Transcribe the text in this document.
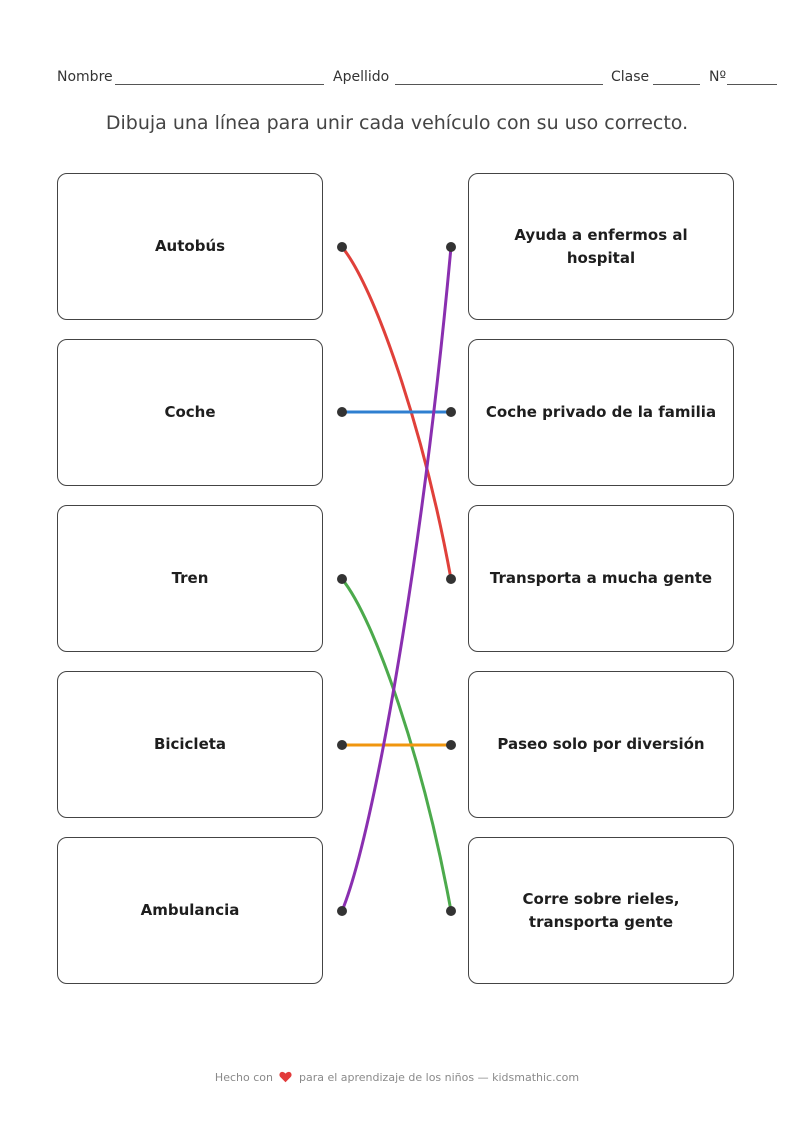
Nombre	Apellido	Clase	Nº
Dibuja una línea para unir cada vehículo con su uso correcto.
Autobús
Coche
Tren
Bicicleta
Ambulancia
Ayuda a enfermos al hospital
Coche privado de la familia
Transporta a mucha gente
Paseo solo por diversión
Corre sobre rieles, transporta gente
Hecho con para el aprendizaje de los niños — kidsmathic.com
